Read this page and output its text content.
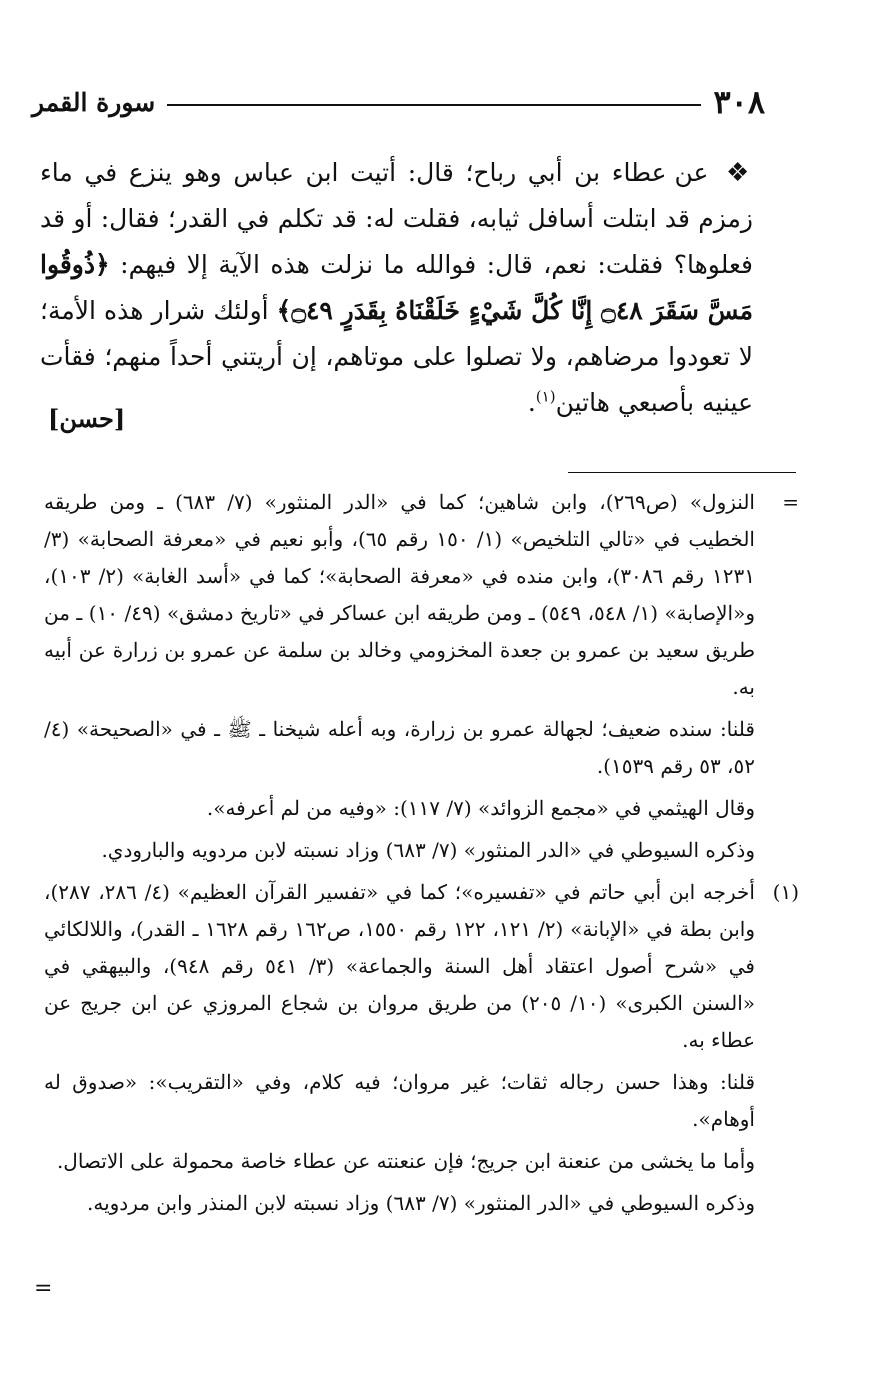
٣٠٨
سورة القمر

❖ عن عطاء بن أبي رباح؛ قال: أتيت ابن عباس وهو ينزع في ماء زمزم قد ابتلت أسافل ثيابه، فقلت له: قد تكلم في القدر؛ فقال: أو قد فعلوها؟ فقلت: نعم، قال: فوالله ما نزلت هذه الآية إلا فيهم: ﴿ذُوقُوا مَسَّ سَقَرَ ۝٤٨ إِنَّا كُلَّ شَيْءٍ خَلَقْنَاهُ بِقَدَرٍ ۝٤٩﴾ أولئك شرار هذه الأمة؛ لا تعودوا مرضاهم، ولا تصلوا على موتاهم، إن أريتني أحداً منهم؛ فقأت عينيه بأصبعي هاتين$^{(١)}$.

[حسن]
=

النزول» (ص٢٦٩)، وابن شاهين؛ كما في «الدر المنثور» (٧/ ٦٨٣) ـ ومن طريقه الخطيب في «تالي التلخيص» (١/ ١٥٠ رقم ٦٥)، وأبو نعيم في «معرفة الصحابة» (٣/ ١٢٣١ رقم ٣٠٨٦)، وابن منده في «معرفة الصحابة»؛ كما في «أسد الغابة» (٢/ ١٠٣)، و«الإصابة» (١/ ٥٤٨، ٥٤٩) ـ ومن طريقه ابن عساكر في «تاريخ دمشق» (٤٩/ ١٠) ـ من طريق سعيد بن عمرو بن جعدة المخزومي وخالد بن سلمة عن عمرو بن زرارة عن أبيه به.

قلنا: سنده ضعيف؛ لجهالة عمرو بن زرارة، وبه أعله شيخنا ـ ﷺ ـ في «الصحيحة» (٤/ ٥٢، ٥٣ رقم ١٥٣٩).

وقال الهيثمي في «مجمع الزوائد» (٧/ ١١٧): «وفيه من لم أعرفه».

وذكره السيوطي في «الدر المنثور» (٧/ ٦٨٣) وزاد نسبته لابن مردويه والبارودي.

(١)

أخرجه ابن أبي حاتم في «تفسيره»؛ كما في «تفسير القرآن العظيم» (٤/ ٢٨٦، ٢٨٧)، وابن بطة في «الإبانة» (٢/ ١٢١، ١٢٢ رقم ١٥٥٠، ص١٦٢ رقم ١٦٢٨ ـ القدر)، واللالكائي في «شرح أصول اعتقاد أهل السنة والجماعة» (٣/ ٥٤١ رقم ٩٤٨)، والبيهقي في «السنن الكبرى» (١٠/ ٢٠٥) من طريق مروان بن شجاع المروزي عن ابن جريج عن عطاء به.

قلنا: وهذا حسن رجاله ثقات؛ غير مروان؛ فيه كلام، وفي «التقريب»: «صدوق له أوهام».

وأما ما يخشى من عنعنة ابن جريج؛ فإن عنعنته عن عطاء خاصة محمولة على الاتصال.

وذكره السيوطي في «الدر المنثور» (٧/ ٦٨٣) وزاد نسبته لابن المنذر وابن مردويه.

=
